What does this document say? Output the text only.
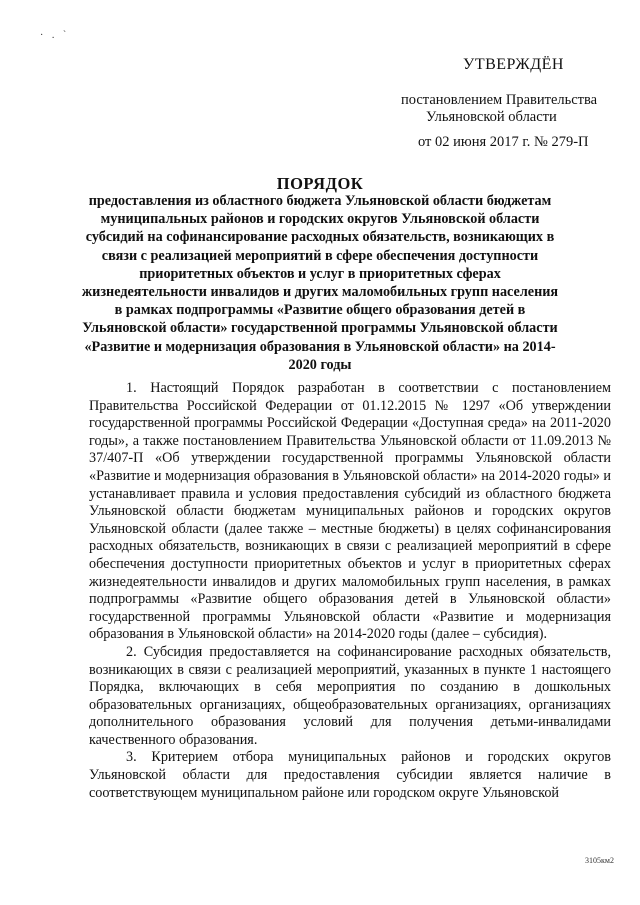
· . `
УТВЕРЖДЁН
постановлением Правительства
Ульяновской области
от 02 июня 2017 г. № 279-П
ПОРЯДОК
предоставления из областного бюджета Ульяновской области бюджетам муниципальных районов и городских округов Ульяновской области субсидий на софинансирование расходных обязательств, возникающих в связи с реализацией мероприятий в сфере обеспечения доступности приоритетных объектов и услуг в приоритетных сферах жизнедеятельности инвалидов и других маломобильных групп населения в рамках подпрограммы «Развитие общего образования детей в Ульяновской области» государственной программы Ульяновской области «Развитие и модернизация образования в Ульяновской области» на 2014-2020 годы

1. Настоящий Порядок разработан в соответствии с постановлением Правительства Российской Федерации от 01.12.2015 № 1297 «Об утверждении государственной программы Российской Федерации «Доступная среда» на 2011-2020 годы», а также постановлением Правительства Ульяновской области от 11.09.2013 № 37/407-П «Об утверждении государственной программы Ульяновской области «Развитие и модернизация образования в Ульяновской области» на 2014-2020 годы» и устанавливает правила и условия предоставления субсидий из областного бюджета Ульяновской области бюджетам муниципальных районов и городских округов Ульяновской области (далее также – местные бюджеты) в целях софинансирования расходных обязательств, возникающих в связи с реализацией мероприятий в сфере обеспечения доступности приоритетных объектов и услуг в приоритетных сферах жизнедеятельности инвалидов и других маломобильных групп населения, в рамках подпрограммы «Развитие общего образования детей в Ульяновской области» государственной программы Ульяновской области «Развитие и модернизация образования в Ульяновской области» на 2014-2020 годы (далее – субсидия).

2. Субсидия предоставляется на софинансирование расходных обязательств, возникающих в связи с реализацией мероприятий, указанных в пункте 1 настоящего Порядка, включающих в себя мероприятия по созданию в дошкольных образовательных организациях, общеобразовательных организациях, организациях дополнительного образования условий для получения детьми-инвалидами качественного образования.

3. Критерием отбора муниципальных районов и городских округов Ульяновской области для предоставления субсидии является наличие в соответствующем муниципальном районе или городском округе Ульяновской

3105км2
